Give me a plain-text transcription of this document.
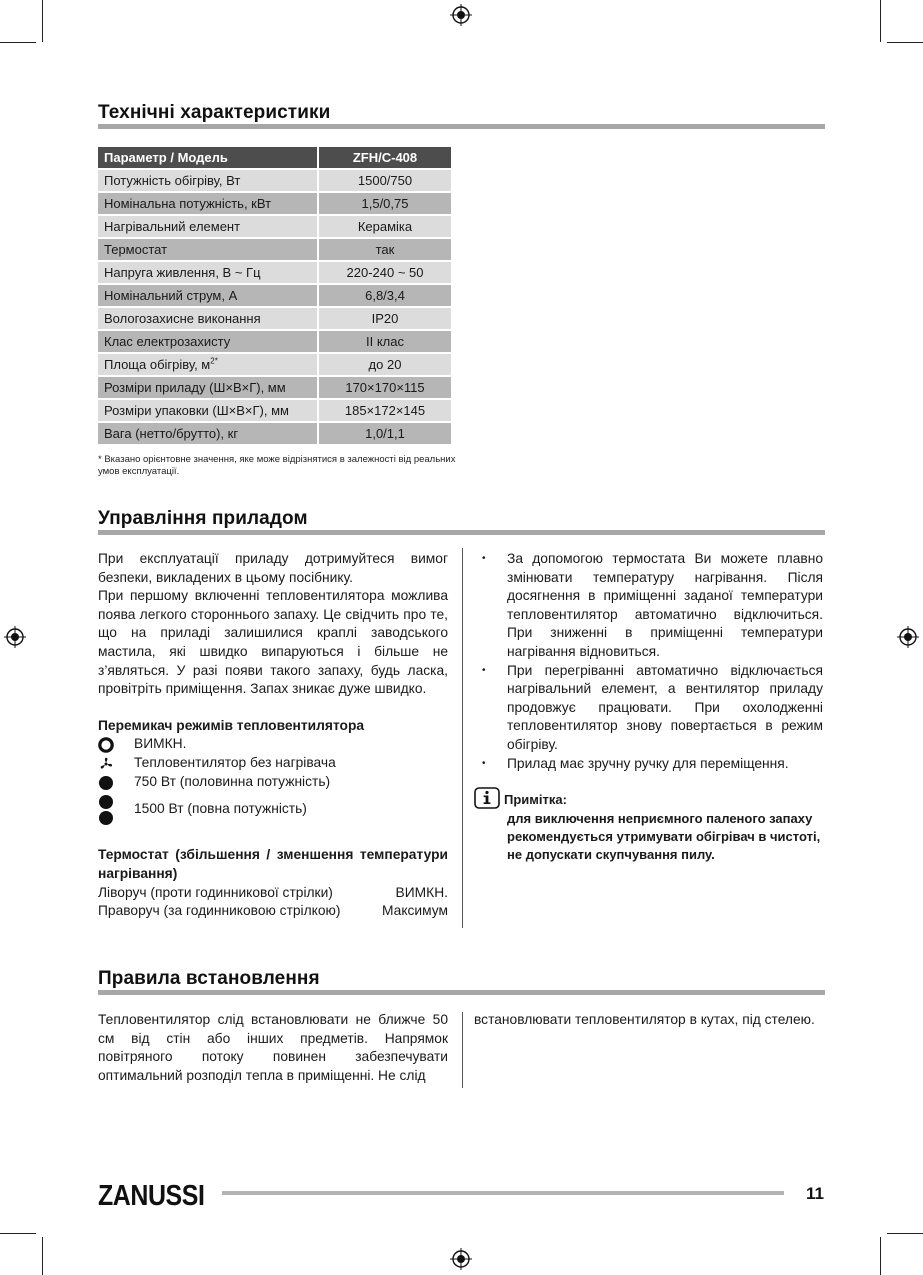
Технічні характеристики
Параметр / Модель	ZFH/C-408
Потужність обігріву, Вт	1500/750
Номінальна потужність, кВт	1,5/0,75
Нагрівальний елемент	Кераміка
Термостат	так
Напруга живлення, В ~ Гц	220-240 ~ 50
Номінальний струм, А	6,8/3,4
Вологозахисне виконання	IP20
Клас електрозахисту	II клас
Площа обігріву, $м^{2*}$	до 20
Розміри приладу (Ш×В×Г), мм	170×170×115
Розміри упаковки (Ш×В×Г), мм	185×172×145
Вага (нетто/брутто), кг	1,0/1,1
* Вказано орієнтовне значення, яке може відрізнятися в залежності від реальних умов експлуатації.
Управління приладом

При експлуатації приладу дотримуйтеся вимог безпеки, викладених в цьому посібнику.

При першому включенні тепловентилятора можлива поява легкого стороннього запаху. Це свідчить про те, що на приладі залишилися краплі заводського мастила, які швидко випаруються і більше не з’являться. У разі появи такого запаху, будь ласка, провітріть приміщення. Запах зникає дуже швидко.

Перемикач режимів тепловентилятора

ВИМКН.
Тепловентилятор без нагрівача
750 Вт (половинна потужність)
1500 Вт (повна потужність)

Термостат (збільшення / зменшення температури нагрівання)

Ліворуч (проти годинникової стрілки)	ВИМКН.
Праворуч (за годинниковою стрілкою)	Максимум
• За допомогою термостата Ви можете плавно змінювати температуру нагрівання. Після досягнення в приміщенні заданої температури тепловентилятор автоматично відключиться. При зниженні в приміщенні температури нагрівання відновиться.
• При перегріванні автоматично відключається нагрівальний елемент, а вентилятор приладу продовжує працювати. При охолодженні тепловентилятор знову повертається в режим обігріву.
• Прилад має зручну ручку для переміщення.
Примітка:
для виключення неприємного паленого запаху рекомендується утримувати обігрівач в чистоті, не допускати скупчування пилу.
Правила встановлення

Тепловентилятор слід встановлювати не ближче 50 см від стін або інших предметів. Напрямок повітряного потоку повинен забезпечувати оптимальний розподіл тепла в приміщенні. Не слід

встановлювати тепловентилятор в кутах, під стелею.

ZANUSSI	11
